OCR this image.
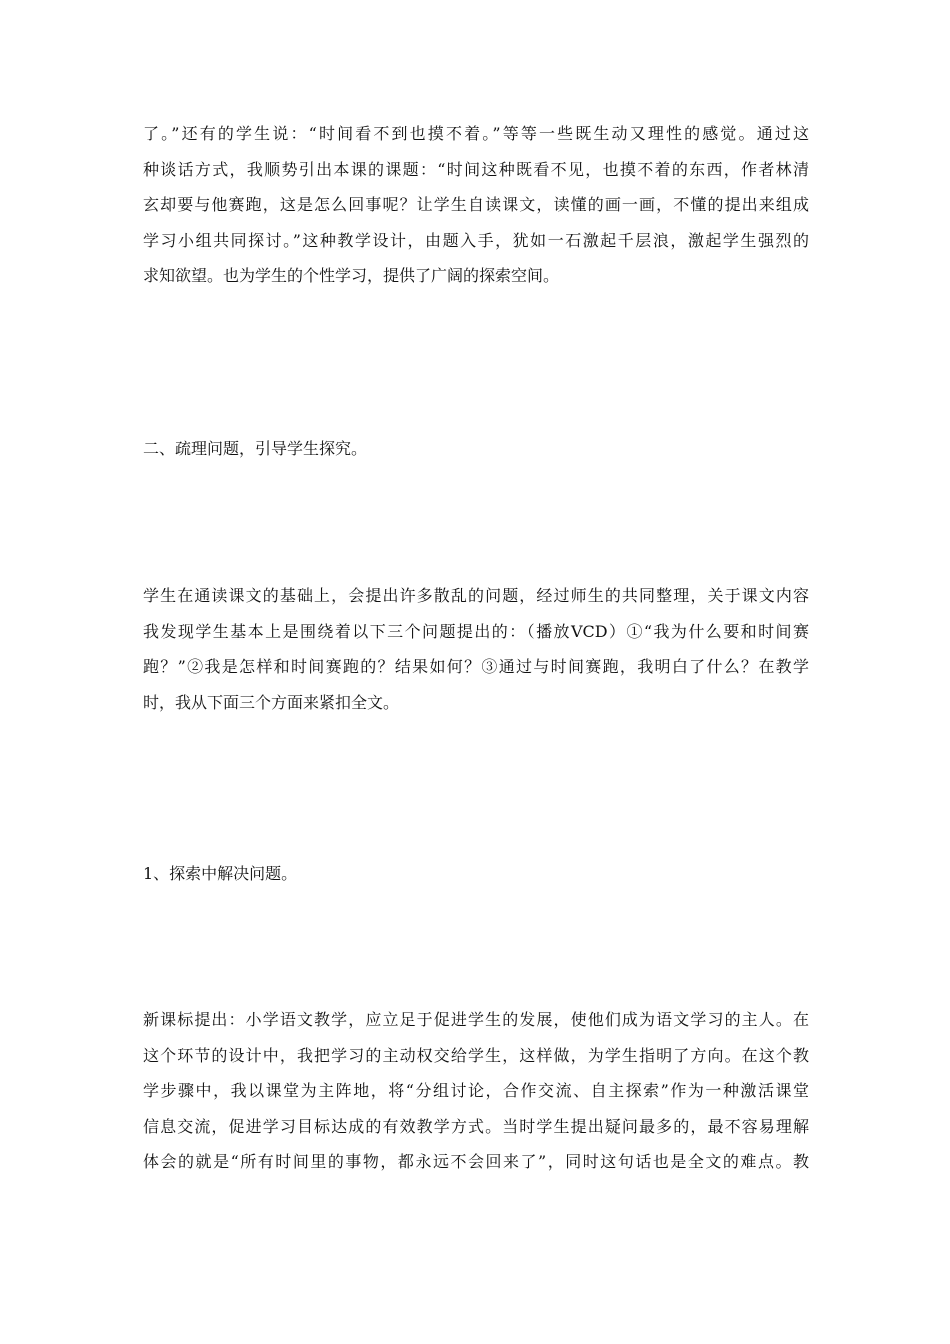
了。”还有的学生说：“时间看不到也摸不着。”等等一些既生动又理性的感觉。通过这
种谈话方式，我顺势引出本课的课题：“时间这种既看不见，也摸不着的东西，作者林清
玄却要与他赛跑，这是怎么回事呢？让学生自读课文，读懂的画一画，不懂的提出来组成
学习小组共同探讨。”这种教学设计，由题入手，犹如一石激起千层浪，激起学生强烈的
求知欲望。也为学生的个性学习，提供了广阔的探索空间。
二、疏理问题，引导学生探究。
学生在通读课文的基础上，会提出许多散乱的问题，经过师生的共同整理，关于课文内容
我发现学生基本上是围绕着以下三个问题提出的：（播放VCD）①“我为什么要和时间赛
跑？”②我是怎样和时间赛跑的？结果如何？③通过与时间赛跑，我明白了什么？在教学
时，我从下面三个方面来紧扣全文。
1、探索中解决问题。
新课标提出：小学语文教学，应立足于促进学生的发展，使他们成为语文学习的主人。在
这个环节的设计中，我把学习的主动权交给学生，这样做，为学生指明了方向。在这个教
学步骤中，我以课堂为主阵地，将“分组讨论，合作交流、自主探索”作为一种激活课堂
信息交流，促进学习目标达成的有效教学方式。当时学生提出疑问最多的，最不容易理解
体会的就是“所有时间里的事物，都永远不会回来了”，同时这句话也是全文的难点。教
